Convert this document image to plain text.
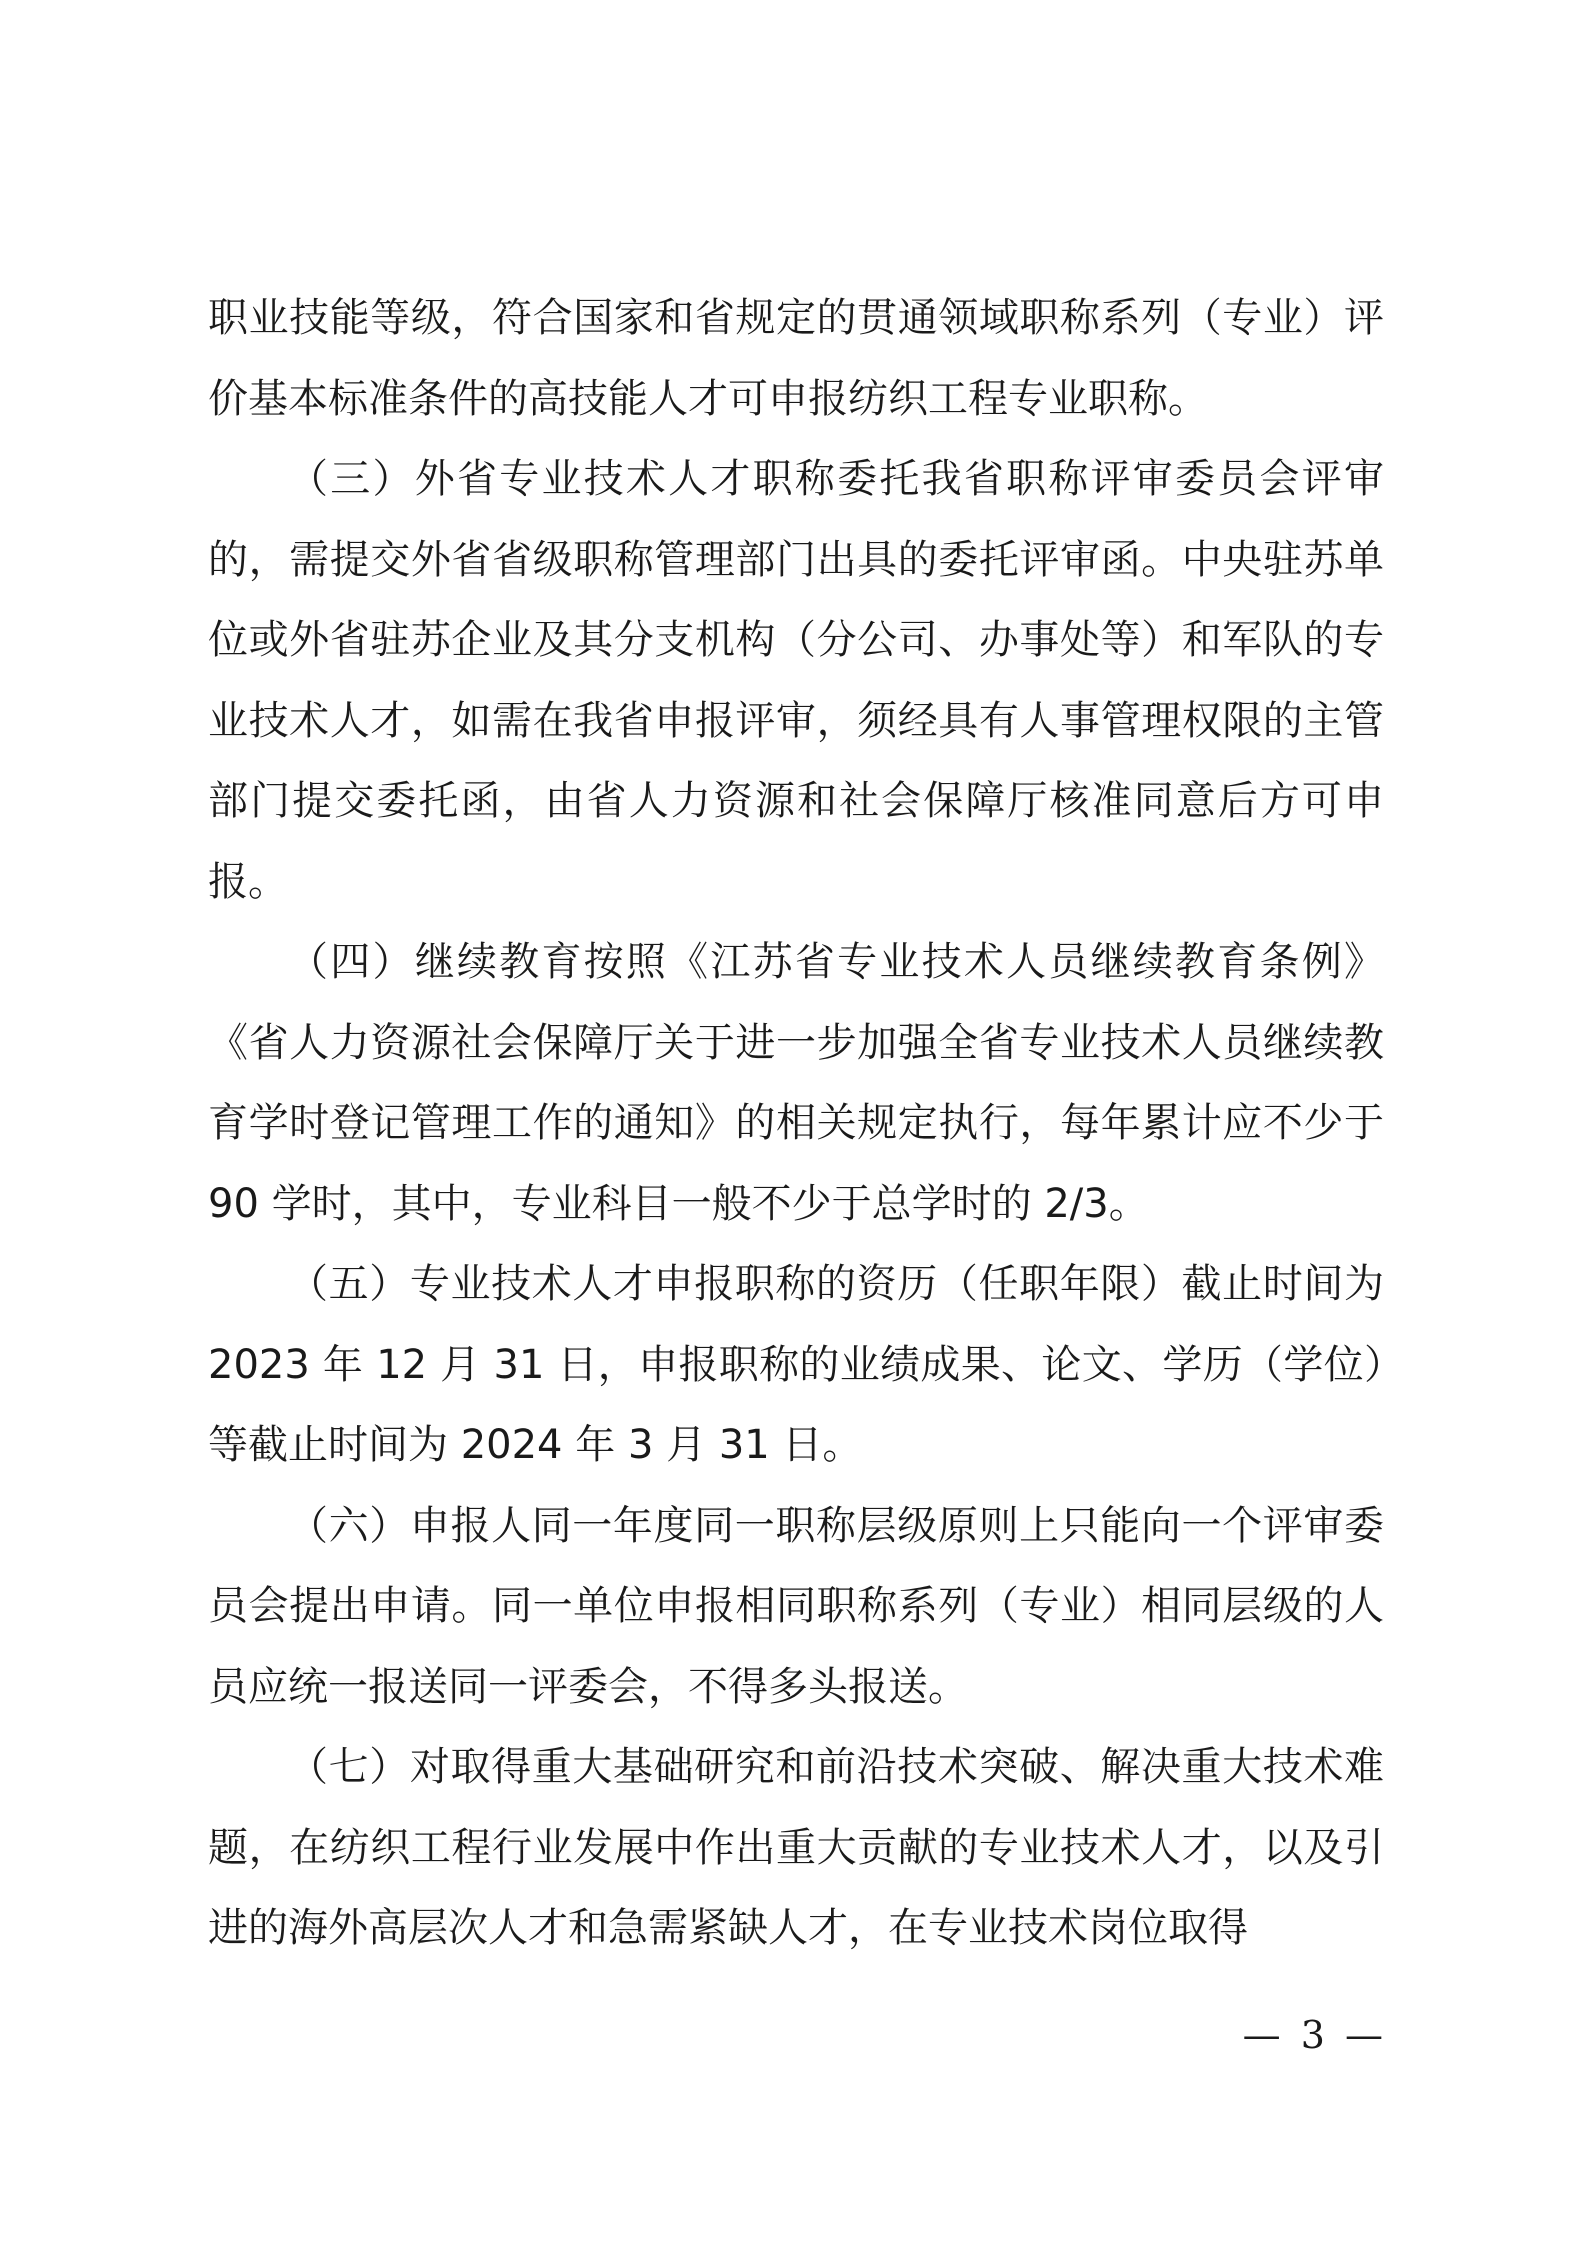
职业技能等级，符合国家和省规定的贯通领域职称系列（专业）评价基本标准条件的高技能人才可申报纺织工程专业职称。

（三）外省专业技术人才职称委托我省职称评审委员会评审的，需提交外省省级职称管理部门出具的委托评审函。中央驻苏单位或外省驻苏企业及其分支机构（分公司、办事处等）和军队的专业技术人才，如需在我省申报评审，须经具有人事管理权限的主管部门提交委托函，由省人力资源和社会保障厅核准同意后方可申报。

（四）继续教育按照《江苏省专业技术人员继续教育条例》《省人力资源社会保障厅关于进一步加强全省专业技术人员继续教育学时登记管理工作的通知》的相关规定执行，每年累计应不少于 90 学时，其中，专业科目一般不少于总学时的 2/3。

（五）专业技术人才申报职称的资历（任职年限）截止时间为 2023 年 12 月 31 日，申报职称的业绩成果、论文、学历（学位）等截止时间为 2024 年 3 月 31 日。

（六）申报人同一年度同一职称层级原则上只能向一个评审委员会提出申请。同一单位申报相同职称系列（专业）相同层级的人员应统一报送同一评委会，不得多头报送。

（七）对取得重大基础研究和前沿技术突破、解决重大技术难题，在纺织工程行业发展中作出重大贡献的专业技术人才，以及引进的海外高层次人才和急需紧缺人才，在专业技术岗位取得

— 3 —
